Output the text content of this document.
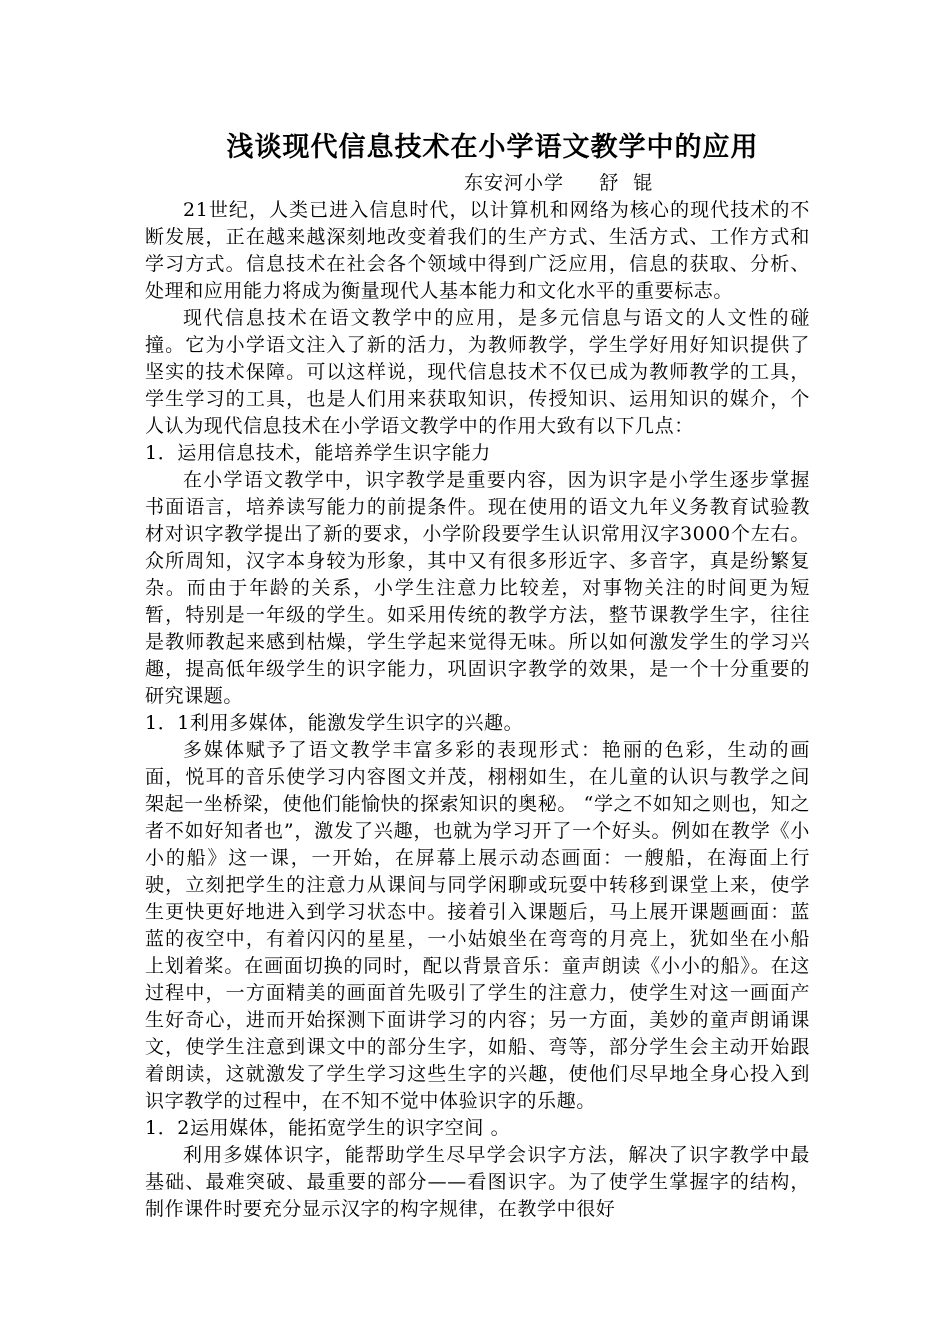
浅谈现代信息技术在小学语文教学中的应用

东安河小学     舒  锟

21世纪，人类已进入信息时代，以计算机和网络为核心的现代技术的不断发展，正在越来越深刻地改变着我们的生产方式、生活方式、工作方式和学习方式。信息技术在社会各个领域中得到广泛应用，信息的获取、分析、处理和应用能力将成为衡量现代人基本能力和文化水平的重要标志。

现代信息技术在语文教学中的应用，是多元信息与语文的人文性的碰撞。它为小学语文注入了新的活力，为教师教学，学生学好用好知识提供了坚实的技术保障。可以这样说，现代信息技术不仅已成为教师教学的工具，学生学习的工具，也是人们用来获取知识，传授知识、运用知识的媒介，个人认为现代信息技术在小学语文教学中的作用大致有以下几点：

1．运用信息技术，能培养学生识字能力

在小学语文教学中，识字教学是重要内容，因为识字是小学生逐步掌握书面语言，培养读写能力的前提条件。现在使用的语文九年义务教育试验教材对识字教学提出了新的要求，小学阶段要学生认识常用汉字3000个左右。众所周知，汉字本身较为形象，其中又有很多形近字、多音字，真是纷繁复杂。而由于年龄的关系，小学生注意力比较差，对事物关注的时间更为短暂，特别是一年级的学生。如采用传统的教学方法，整节课教学生字，往往是教师教起来感到枯燥，学生学起来觉得无味。所以如何激发学生的学习兴趣，提高低年级学生的识字能力，巩固识字教学的效果，是一个十分重要的研究课题。

1．1利用多媒体，能激发学生识字的兴趣。

多媒体赋予了语文教学丰富多彩的表现形式：艳丽的色彩，生动的画面，悦耳的音乐使学习内容图文并茂，栩栩如生，在儿童的认识与教学之间架起一坐桥梁，使他们能愉快的探索知识的奥秘。 “学之不如知之则也，知之者不如好知者也”，激发了兴趣，也就为学习开了一个好头。例如在教学《小小的船》这一课，一开始，在屏幕上展示动态画面：一艘船，在海面上行驶，立刻把学生的注意力从课间与同学闲聊或玩耍中转移到课堂上来，使学生更快更好地进入到学习状态中。接着引入课题后，马上展开课题画面：蓝蓝的夜空中，有着闪闪的星星，一小姑娘坐在弯弯的月亮上，犹如坐在小船上划着桨。在画面切换的同时，配以背景音乐：童声朗读《小小的船》。在这过程中，一方面精美的画面首先吸引了学生的注意力，使学生对这一画面产生好奇心，进而开始探测下面讲学习的内容；另一方面，美妙的童声朗诵课文，使学生注意到课文中的部分生字，如船、弯等，部分学生会主动开始跟着朗读，这就激发了学生学习这些生字的兴趣，使他们尽早地全身心投入到识字教学的过程中，在不知不觉中体验识字的乐趣。

1．2运用媒体，能拓宽学生的识字空间 。

利用多媒体识字，能帮助学生尽早学会识字方法，解决了识字教学中最基础、最难突破、最重要的部分——看图识字。为了使学生掌握字的结构，制作课件时要充分显示汉字的构字规律，在教学中很好
